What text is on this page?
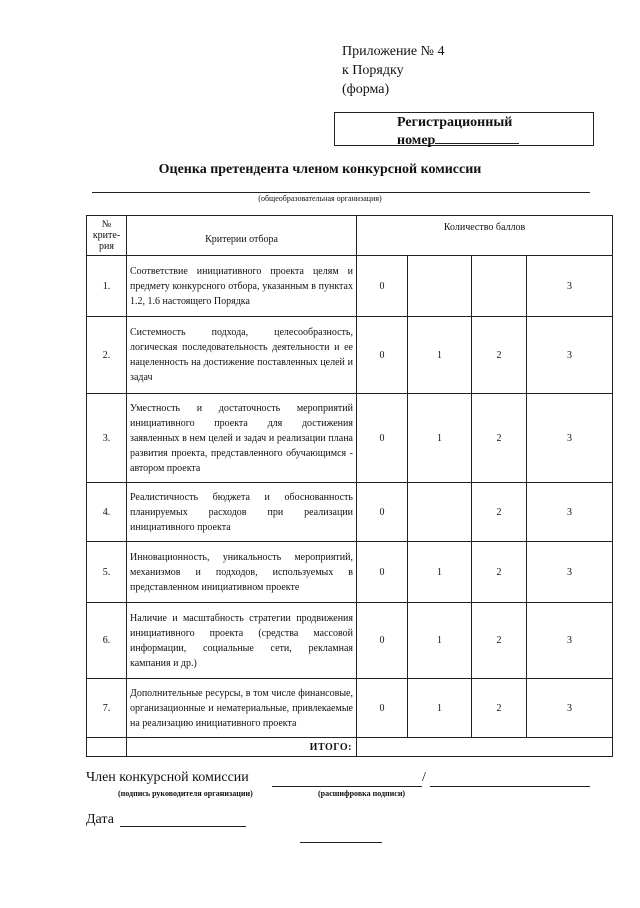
Приложение № 4
к Порядку
(форма)
Регистрационный
номер
Оценка претендента членом конкурсной комиссии
(общеобразовательная организация)
№ крите-рия	Критерии отбора	Количество баллов			
1.	Соответствие инициативного проекта целям и предмету конкурсного отбора, указанным в пунктах 1.2, 1.6 настоящего Порядка	0			3
2.	Системность подхода, целесообразность, логическая последовательность деятельности и ее нацеленность на достижение поставленных целей и задач	0	1	2	3
3.	Уместность и достаточность мероприятий инициативного проекта для достижения заявленных в нем целей и задач и реализации плана развития проекта, представленного обучающимся - автором проекта	0	1	2	3
4.	Реалистичность бюджета и обоснованность планируемых расходов при реализации инициативного проекта	0		2	3
5.	Инновационность, уникальность мероприятий, механизмов и подходов, используемых в представленном инициативном проекте	0	1	2	3
6.	Наличие и масштабность стратегии продвижения инициативного проекта (средства массовой информации, социальные сети, рекламная кампания и др.)	0	1	2	3
7.	Дополнительные ресурсы, в том числе финансовые, организационные и нематериальные, привлекаемые на реализацию инициативного проекта	0	1	2	3
	ИТОГО:				
Член конкурсной комиссии	/
(подпись руководителя организации)	(расшифровка подписи)
Дата
